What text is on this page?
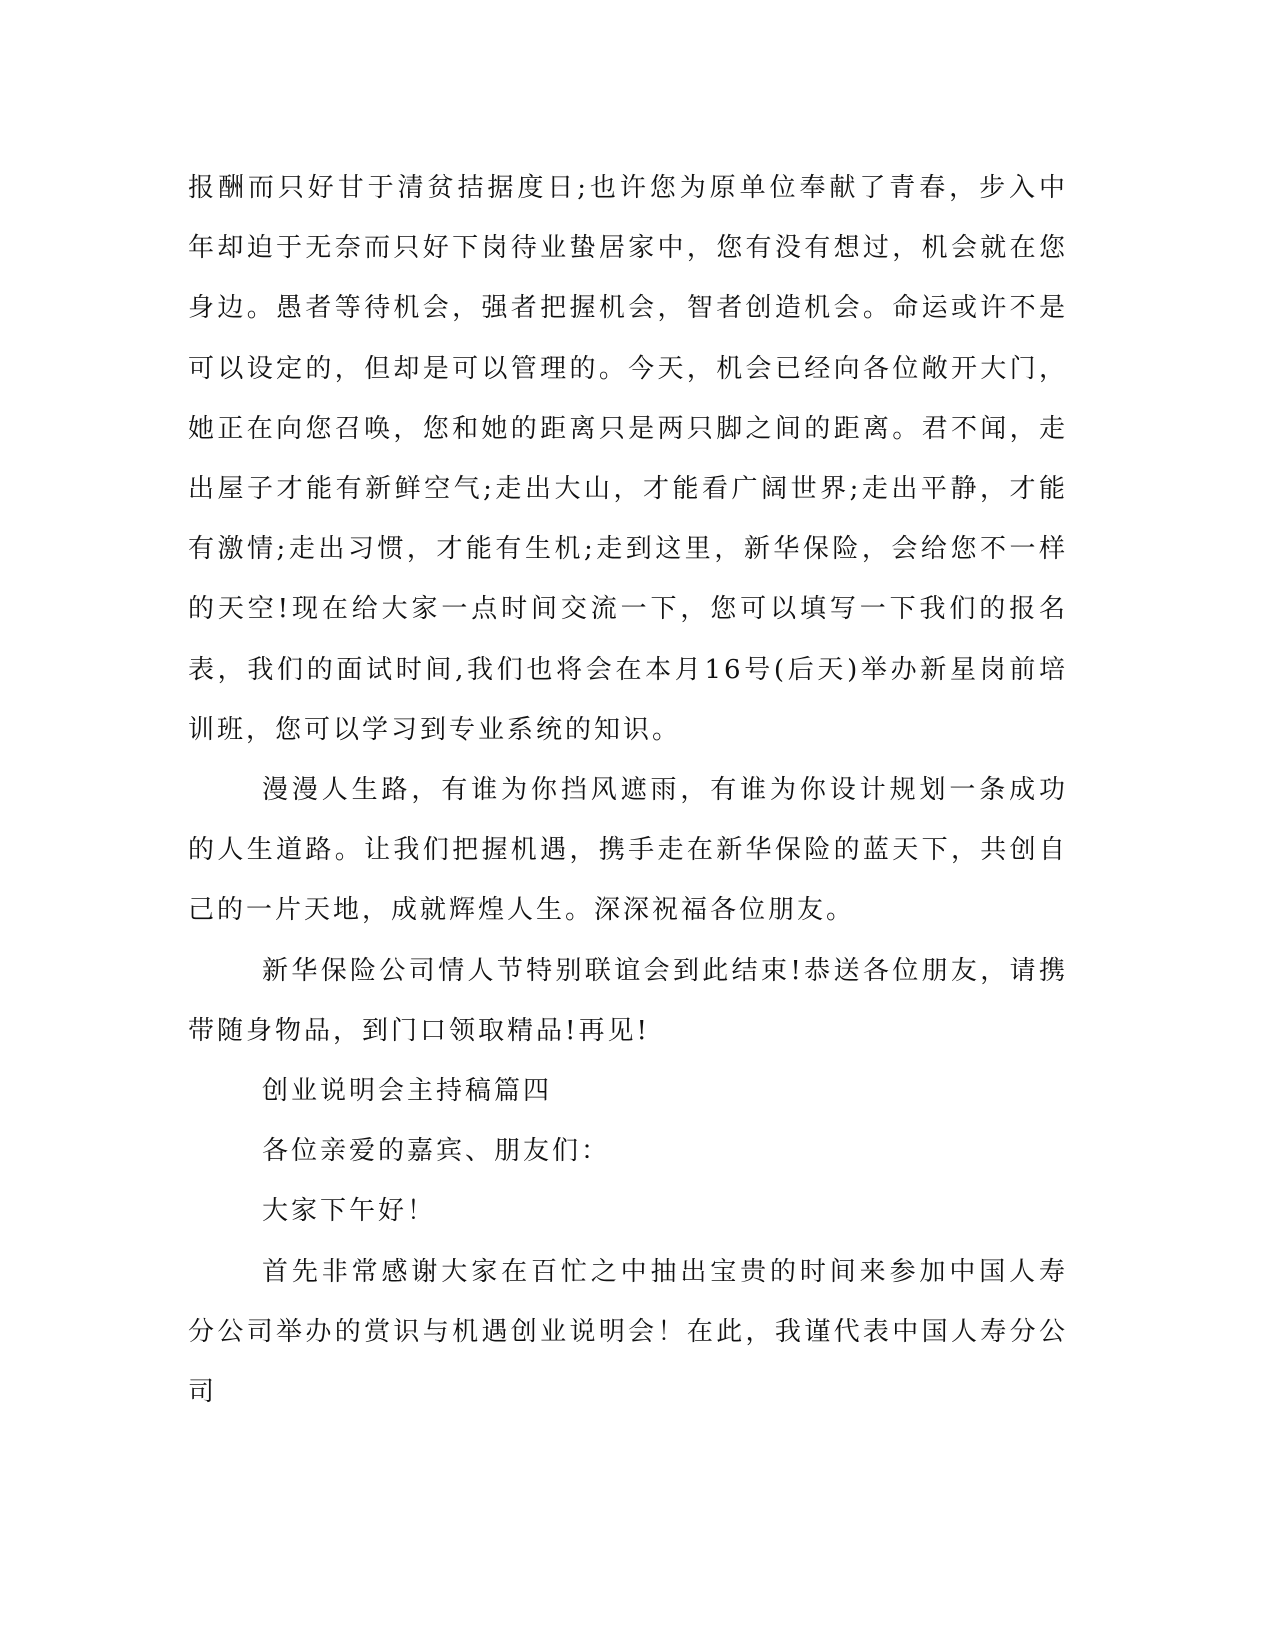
报酬而只好甘于清贫拮据度日;也许您为原单位奉献了青春，步入中年却迫于无奈而只好下岗待业蛰居家中，您有没有想过，机会就在您身边。愚者等待机会，强者把握机会，智者创造机会。命运或许不是可以设定的，但却是可以管理的。今天，机会已经向各位敞开大门，她正在向您召唤，您和她的距离只是两只脚之间的距离。君不闻，走出屋子才能有新鲜空气;走出大山，才能看广阔世界;走出平静，才能有激情;走出习惯，才能有生机;走到这里，新华保险，会给您不一样的天空!现在给大家一点时间交流一下，您可以填写一下我们的报名表，我们的面试时间,我们也将会在本月16号(后天)举办新星岗前培训班，您可以学习到专业系统的知识。

漫漫人生路，有谁为你挡风遮雨，有谁为你设计规划一条成功的人生道路。让我们把握机遇，携手走在新华保险的蓝天下，共创自己的一片天地，成就辉煌人生。深深祝福各位朋友。

新华保险公司情人节特别联谊会到此结束!恭送各位朋友，请携带随身物品，到门口领取精品!再见!

创业说明会主持稿篇四

各位亲爱的嘉宾、朋友们：

大家下午好！

首先非常感谢大家在百忙之中抽出宝贵的时间来参加中国人寿分公司举办的赏识与机遇创业说明会！在此，我谨代表中国人寿分公司
